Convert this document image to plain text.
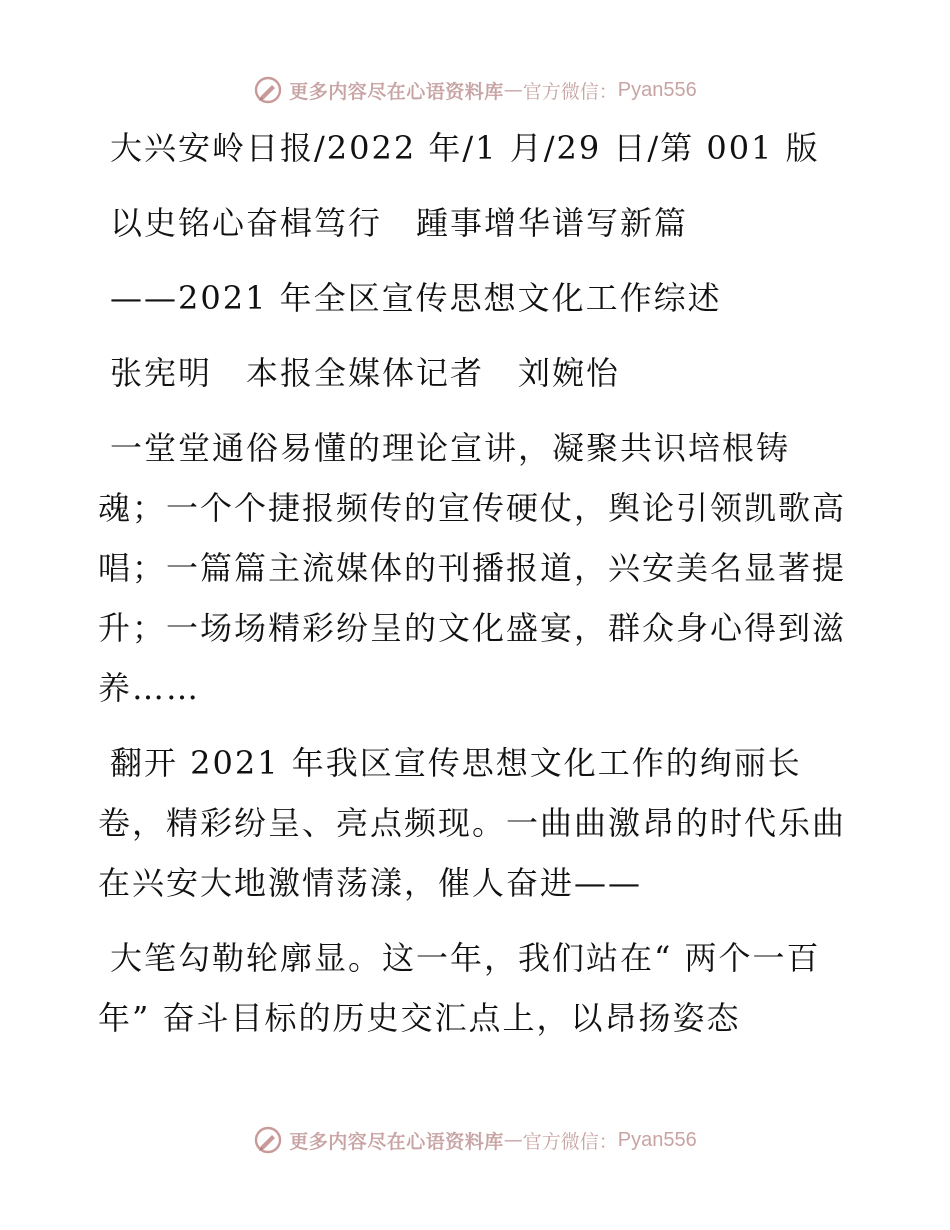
更多内容尽在心语资料库 — 官方微信： Pyan556
大兴安岭日报/2022 年/1 月/29 日/第 001 版
以史铭心奋楫笃行　踵事增华谱写新篇
——2021 年全区宣传思想文化工作综述
张宪明　本报全媒体记者　刘婉怡
一堂堂通俗易懂的理论宣讲，凝聚共识培根铸
魂；一个个捷报频传的宣传硬仗，舆论引领凯歌高
唱；一篇篇主流媒体的刊播报道，兴安美名显著提
升；一场场精彩纷呈的文化盛宴，群众身心得到滋
养……
翻开 2021 年我区宣传思想文化工作的绚丽长
卷，精彩纷呈、亮点频现。一曲曲激昂的时代乐曲
在兴安大地激情荡漾，催人奋进——
大笔勾勒轮廓显。这一年，我们站在“ 两个一百
年” 奋斗目标的历史交汇点上，以昂扬姿态
更多内容尽在心语资料库 — 官方微信： Pyan556
